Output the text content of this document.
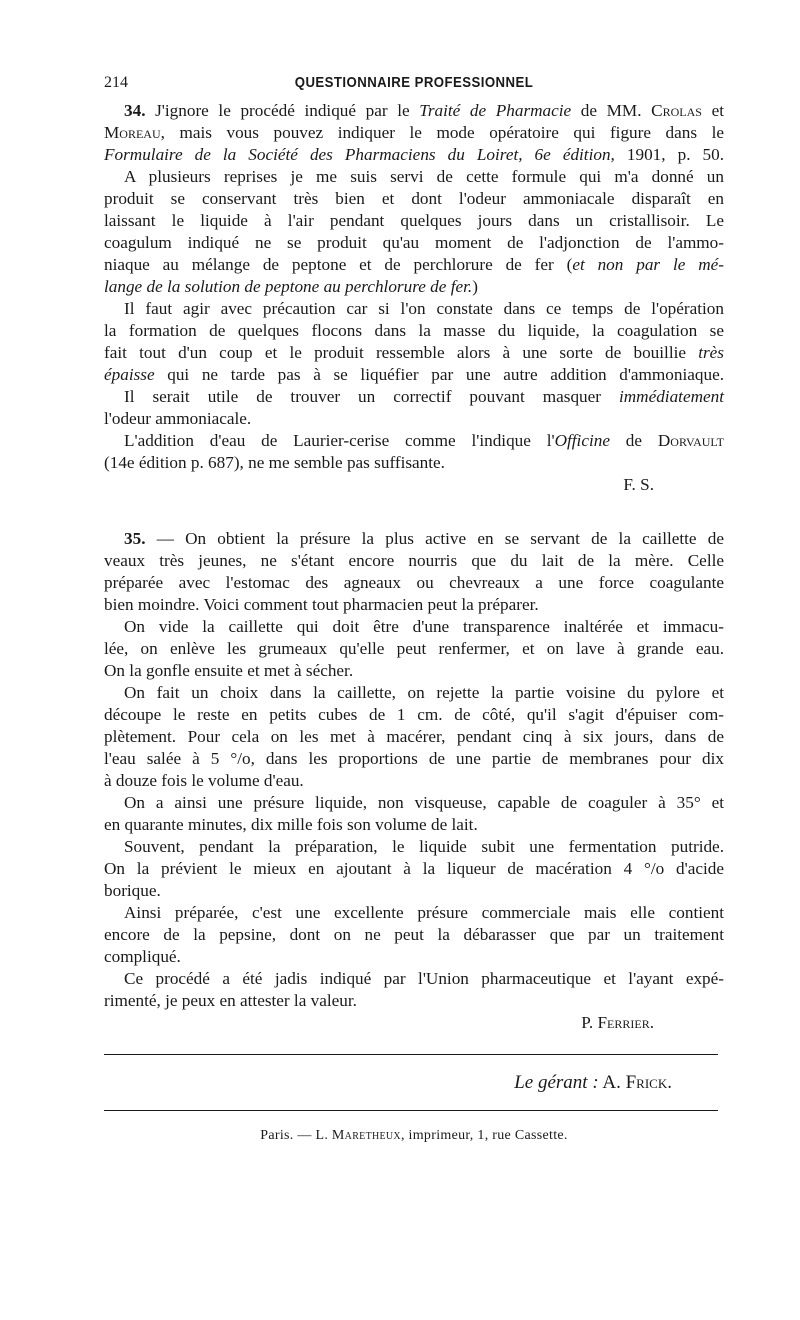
214	QUESTIONNAIRE PROFESSIONNEL
34. J'ignore le procédé indiqué par le Traité de Pharmacie de MM. Crolas et
Moreau, mais vous pouvez indiquer le mode opératoire qui figure dans le
Formulaire de la Société des Pharmaciens du Loiret, 6e édition, 1901, p. 50.
A plusieurs reprises je me suis servi de cette formule qui m'a donné un
produit se conservant très bien et dont l'odeur ammoniacale disparaît en
laissant le liquide à l'air pendant quelques jours dans un cristallisoir. Le
coagulum indiqué ne se produit qu'au moment de l'adjonction de l'ammo-
niaque au mélange de peptone et de perchlorure de fer (et non par le mé-
lange de la solution de peptone au perchlorure de fer.)
Il faut agir avec précaution car si l'on constate dans ce temps de l'opération
la formation de quelques flocons dans la masse du liquide, la coagulation se
fait tout d'un coup et le produit ressemble alors à une sorte de bouillie très
épaisse qui ne tarde pas à se liquéfier par une autre addition d'ammoniaque.
Il serait utile de trouver un correctif pouvant masquer immédiatement
l'odeur ammoniacale.
L'addition d'eau de Laurier-cerise comme l'indique l'Officine de Dorvault
(14e édition p. 687), ne me semble pas suffisante.
F. S.
35. — On obtient la présure la plus active en se servant de la caillette de
veaux très jeunes, ne s'étant encore nourris que du lait de la mère. Celle
préparée avec l'estomac des agneaux ou chevreaux a une force coagulante
bien moindre. Voici comment tout pharmacien peut la préparer.
On vide la caillette qui doit être d'une transparence inaltérée et immacu-
lée, on enlève les grumeaux qu'elle peut renfermer, et on lave à grande eau.
On la gonfle ensuite et met à sécher.
On fait un choix dans la caillette, on rejette la partie voisine du pylore et
découpe le reste en petits cubes de 1 cm. de côté, qu'il s'agit d'épuiser com-
plètement. Pour cela on les met à macérer, pendant cinq à six jours, dans de
l'eau salée à 5 °/o, dans les proportions de une partie de membranes pour dix
à douze fois le volume d'eau.
On a ainsi une présure liquide, non visqueuse, capable de coaguler à 35° et
en quarante minutes, dix mille fois son volume de lait.
Souvent, pendant la préparation, le liquide subit une fermentation putride.
On la prévient le mieux en ajoutant à la liqueur de macération 4 °/o d'acide
borique.
Ainsi préparée, c'est une excellente présure commerciale mais elle contient
encore de la pepsine, dont on ne peut la débarasser que par un traitement
compliqué.
Ce procédé a été jadis indiqué par l'Union pharmaceutique et l'ayant expé-
rimenté, je peux en attester la valeur.
P. Ferrier.
Le gérant : A. Frick.
Paris. — L. Maretheux, imprimeur, 1, rue Cassette.
